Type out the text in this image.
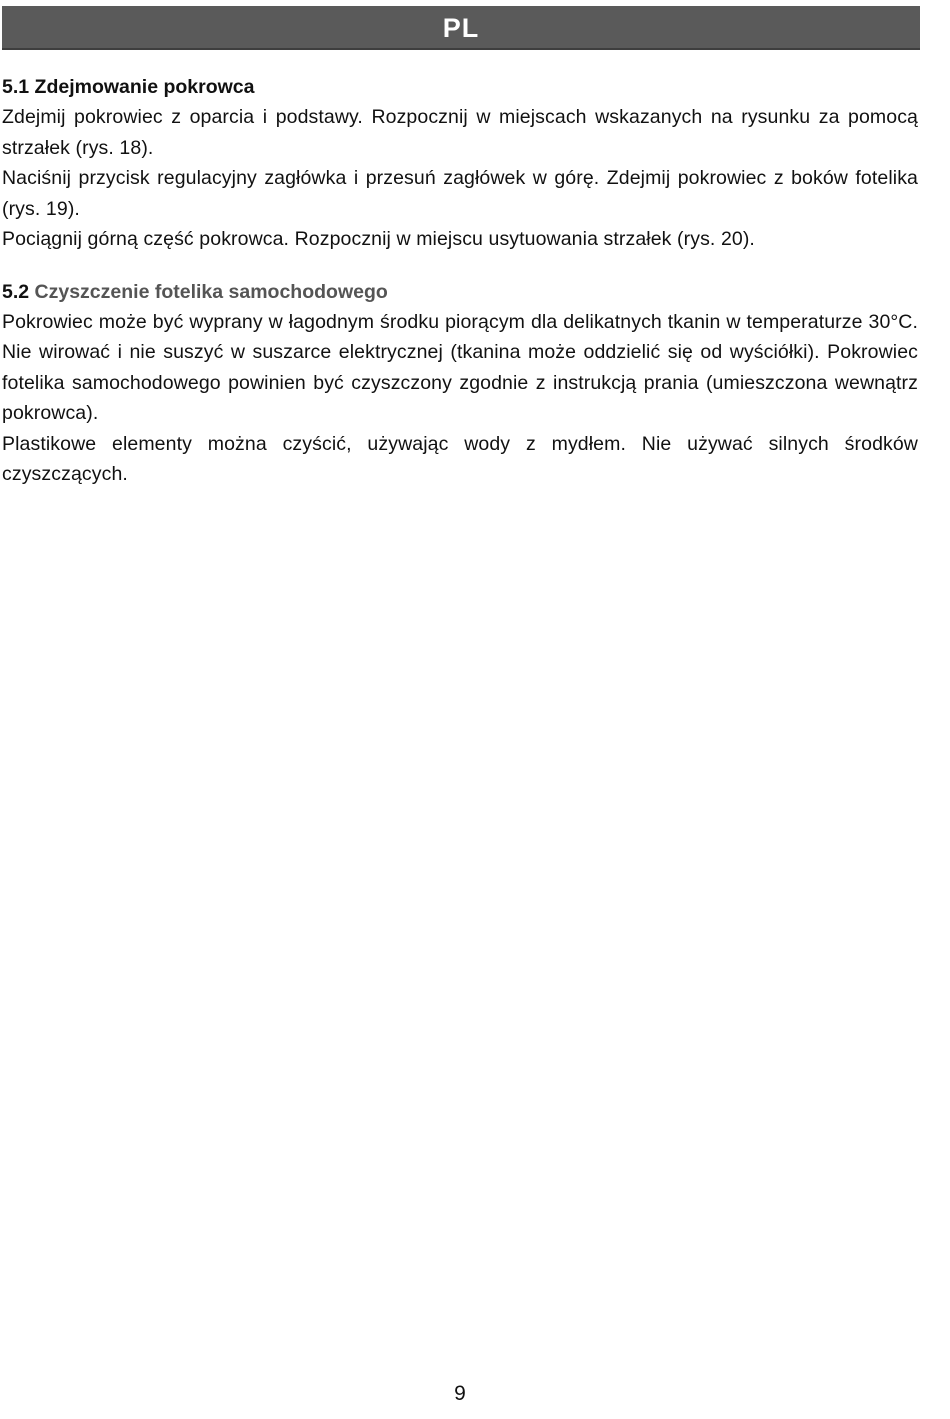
PL
5.1 Zdejmowanie pokrowca

Zdejmij pokrowiec z oparcia i podstawy. Rozpocznij w miejscach wskazanych na rysunku za pomocą strzałek (rys. 18).

Naciśnij przycisk regulacyjny zagłówka i przesuń zagłówek w górę. Zdejmij pokrowiec z boków fotelika (rys. 19).

Pociągnij górną część pokrowca. Rozpocznij w miejscu usytuowania strzałek (rys. 20).

5.2 Czyszczenie fotelika samochodowego

Pokrowiec może być wyprany w łagodnym środku piorącym dla delikatnych tkanin w temperaturze 30°C. Nie wirować i nie suszyć w suszarce elektrycznej (tkanina może oddzielić się od wyściółki). Pokrowiec fotelika samochodowego powinien być czyszczony zgodnie z instrukcją prania (umieszczona wewnątrz pokrowca).

Plastikowe elementy można czyścić, używając wody z mydłem. Nie używać silnych środków czyszczących.

9
